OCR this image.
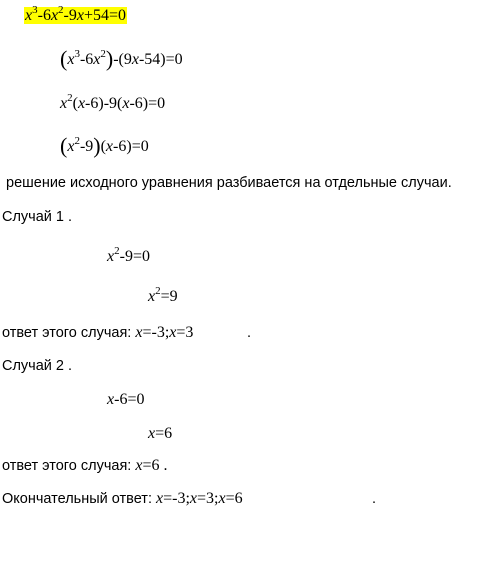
$x^3-6x^2-9x+54=0$
$(x^3-6x^2)-(9x-54)=0$
$x^2(x-6)-9(x-6)=0$
$(x^2-9)(x-6)=0$
решение исходного уравнения разбивается на отдельные случаи.
Случай 1 .
$x^2-9=0$
$x^2=9$
ответ этого случая: x=-3;x=3	.
Случай 2 .
x-6=0
x=6
ответ этого случая: x=6 .
Окончательный ответ: x=-3;x=3;x=6	.
